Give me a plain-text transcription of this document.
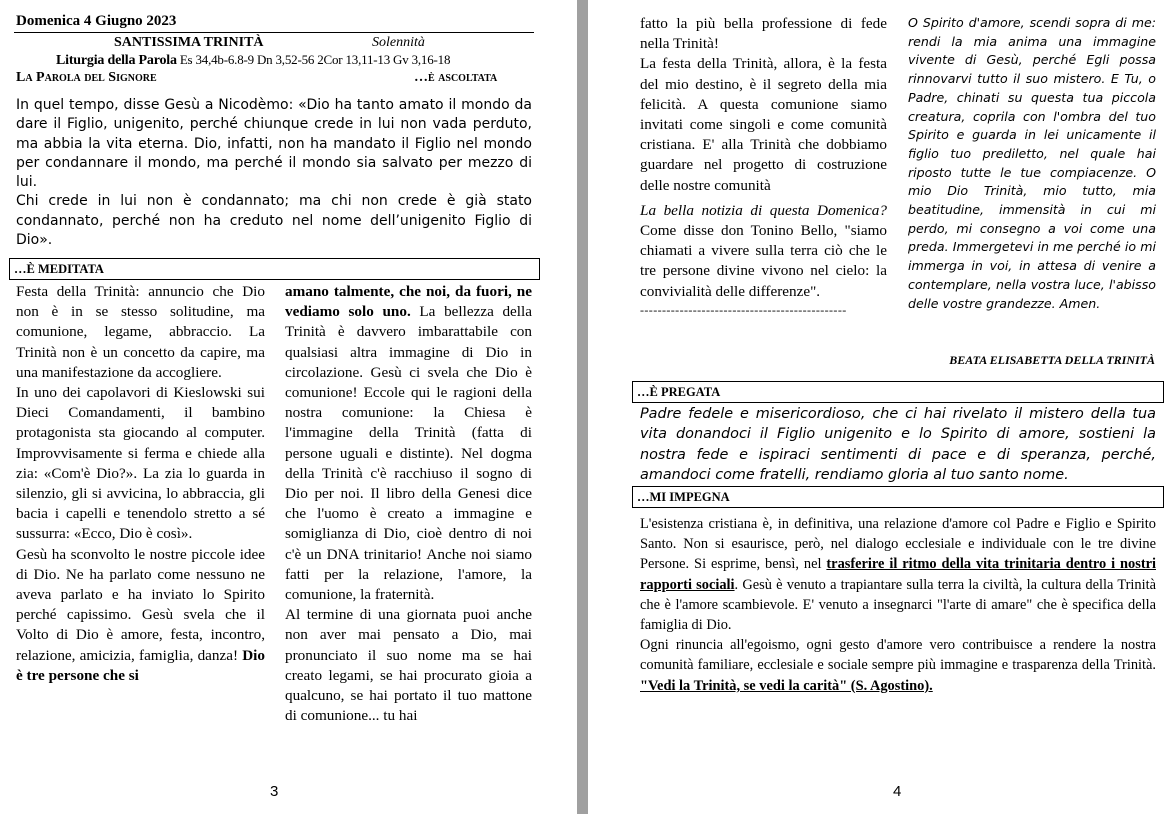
Domenica 4 Giugno 2023
SANTISSIMA TRINITÀ	Solennità
Liturgia della Parola Es 34,4b-6.8-9 Dn 3,52-56 2Cor 13,11-13 Gv 3,16-18
La Parola del Signore	…è ascoltata
In quel tempo, disse Gesù a Nicodèmo: «Dio ha tanto amato il mondo da dare il Figlio, unigenito, perché chiunque crede in lui non vada perduto, ma abbia la vita eterna. Dio, infatti, non ha mandato il Figlio nel mondo per condannare il mondo, ma perché il mondo sia salvato per mezzo di lui.
Chi crede in lui non è condannato; ma chi non crede è già stato condannato, perché non ha creduto nel nome dell’unigenito Figlio di Dio».
…È MEDITATA
Festa della Trinità: annuncio che Dio non è in se stesso solitudine, ma comunione, legame, abbraccio. La Trinità non è un concetto da capire, ma una manifestazione da accogliere.
In uno dei capolavori di Kieslowski sui Dieci Comandamenti, il bambino protagonista sta giocando al computer. Improvvisamente si ferma e chiede alla zia: «Com'è Dio?». La zia lo guarda in silenzio, gli si avvicina, lo abbraccia, gli bacia i capelli e tenendolo stretto a sé sussurra: «Ecco, Dio è così».
Gesù ha sconvolto le nostre piccole idee di Dio. Ne ha parlato come nessuno ne aveva parlato e ha inviato lo Spirito perché capissimo. Gesù svela che il Volto di Dio è amore, festa, incontro, relazione, amicizia, famiglia, danza! Dio è tre persone che si
amano talmente, che noi, da fuori, ne vediamo solo uno. La bellezza della Trinità è davvero imbarattabile con qualsiasi altra immagine di Dio in circolazione. Gesù ci svela che Dio è comunione! Eccole qui le ragioni della nostra comunione: la Chiesa è l'immagine della Trinità (fatta di persone uguali e distinte). Nel dogma della Trinità c'è racchiuso il sogno di Dio per noi. Il libro della Genesi dice che l'uomo è creato a immagine e somiglianza di Dio, cioè dentro di noi c'è un DNA trinitario! Anche noi siamo fatti per la relazione, l'amore, la comunione, la fraternità.
Al termine di una giornata puoi anche non aver mai pensato a Dio, mai pronunciato il suo nome ma se hai creato legami, se hai procurato gioia a qualcuno, se hai portato il tuo mattone di comunione... tu hai
3
fatto la più bella professione di fede nella Trinità!
La festa della Trinità, allora, è la festa del mio destino, è il segreto della mia felicità. A questa comunione siamo invitati come singoli e come comunità cristiana. E' alla Trinità che dobbiamo guardare nel progetto di costruzione delle nostre comunità
La bella notizia di questa Domenica? Come disse don Tonino Bello, "siamo chiamati a vivere sulla terra ciò che le tre persone divine vivono nel cielo: la convivialità delle differenze".
-----------------------------------------------
O Spirito d'amore, scendi sopra di me: rendi la mia anima una immagine vivente di Gesù, perché Egli possa rinnovarvi tutto il suo mistero. E Tu, o Padre, chinati su questa tua piccola creatura, coprila con l'ombra del tuo Spirito e guarda in lei unicamente il figlio tuo prediletto, nel quale hai riposto tutte le tue compiacenze. O mio Dio Trinità, mio tutto, mia beatitudine, immensità in cui mi perdo, mi consegno a voi come una preda. Immergetevi in me perché io mi immerga in voi, in attesa di venire a contemplare, nella vostra luce, l'abisso delle vostre grandezze. Amen.
BEATA ELISABETTA DELLA TRINITÀ
…È PREGATA
Padre fedele e misericordioso, che ci hai rivelato il mistero della tua vita donandoci il Figlio unigenito e lo Spirito di amore, sostieni la nostra fede e ispiraci sentimenti di pace e di speranza, perché, amandoci come fratelli, rendiamo gloria al tuo santo nome.
…MI IMPEGNA
L'esistenza cristiana è, in definitiva, una relazione d'amore col Padre e Figlio e Spirito Santo. Non si esaurisce, però, nel dialogo ecclesiale e individuale con le tre divine Persone. Si esprime, bensì, nel trasferire il ritmo della vita trinitaria dentro i nostri rapporti sociali. Gesù è venuto a trapiantare sulla terra la civiltà, la cultura della Trinità che è l'amore scambievole. E' venuto a insegnarci "l'arte di amare" che è specifica della famiglia di Dio.
Ogni rinuncia all'egoismo, ogni gesto d'amore vero contribuisce a rendere la nostra comunità familiare, ecclesiale e sociale sempre più immagine e trasparenza della Trinità.   "Vedi la Trinità, se vedi la carità" (S. Agostino).
4
